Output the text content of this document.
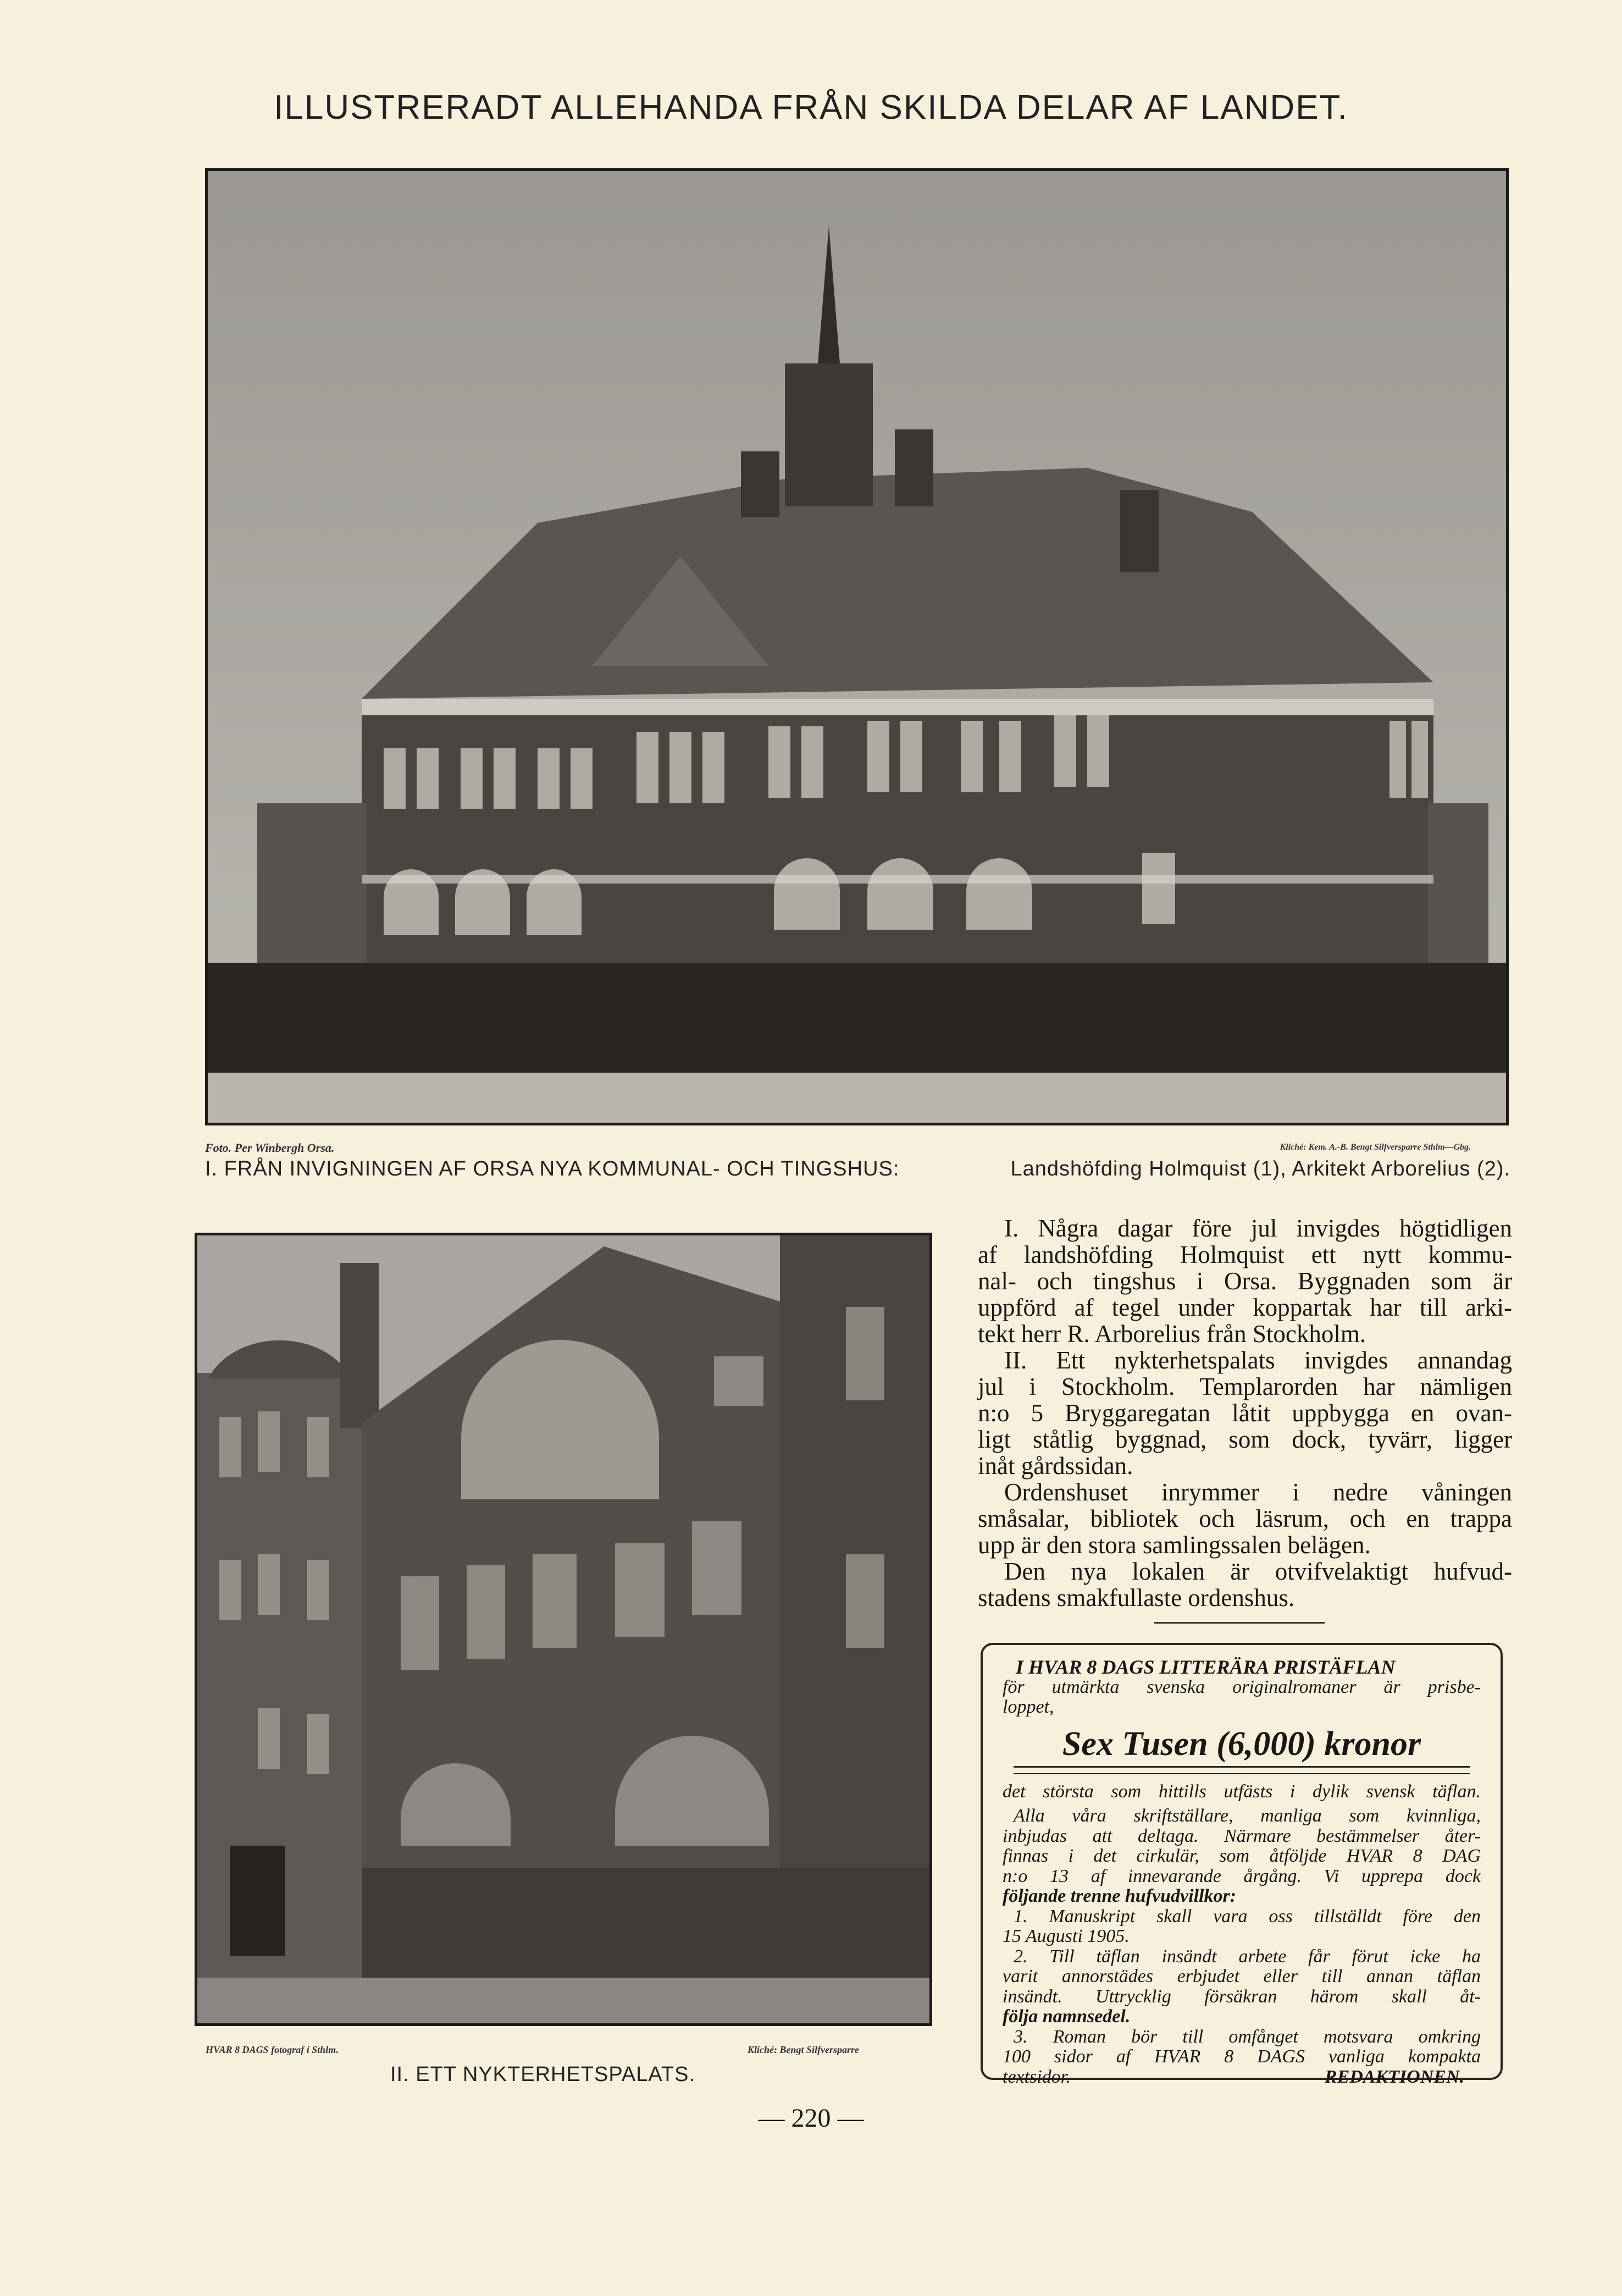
ILLUSTRERADT ALLEHANDA FRÅN SKILDA DELAR AF LANDET.
Foto. Per Winbergh Orsa.	Kliché: Kem. A.-B. Bengt Silfversparre Sthlm—Gbg.
I. FRÅN INVIGNINGEN AF ORSA NYA KOMMUNAL- OCH TINGSHUS:	Landshöfding Holmquist (1), Arkitekt Arborelius (2).
HVAR 8 DAGS fotograf i Sthlm.	Kliché: Bengt Silfversparre
II. ETT NYKTERHETSPALATS.
I. Några dagar före jul invigdes högtidligen
af landshöfding Holmquist ett nytt kommu-
nal- och tingshus i Orsa. Byggnaden som är
uppförd af tegel under koppartak har till arki-
tekt herr R. Arborelius från Stockholm.
II. Ett nykterhetspalats invigdes annandag
jul i Stockholm. Templarorden har nämligen
n:o 5 Bryggaregatan låtit uppbygga en ovan-
ligt ståtlig byggnad, som dock, tyvärr, ligger
inåt gårdssidan.
Ordenshuset inrymmer i nedre våningen
småsalar, bibliotek och läsrum, och en trappa
upp är den stora samlingssalen belägen.
Den nya lokalen är otvifvelaktigt hufvud-
stadens smakfullaste ordenshus.
I HVAR 8 DAGS LITTERÄRA PRISTÄFLAN
för utmärkta svenska originalromaner är prisbe-
loppet,
Sex Tusen (6,000) kronor
det största som hittills utfästs i dylik svensk täflan.
Alla våra skriftställare, manliga som kvinnliga,
inbjudas att deltaga. Närmare bestämmelser åter-
finnas i det cirkulär, som åtföljde HVAR 8 DAG
n:o 13 af innevarande årgång. Vi upprepa dock
följande trenne hufvudvillkor:
1. Manuskript skall vara oss tillställdt före den
15 Augusti 1905.
2. Till täflan insändt arbete får förut icke ha
varit annorstädes erbjudet eller till annan täflan
insändt. Uttrycklig försäkran härom skall åt-
följa namnsedel.
3. Roman bör till omfånget motsvara omkring
100 sidor af HVAR 8 DAGS vanliga kompakta
textsidor.	REDAKTIONEN.
— 220 —
